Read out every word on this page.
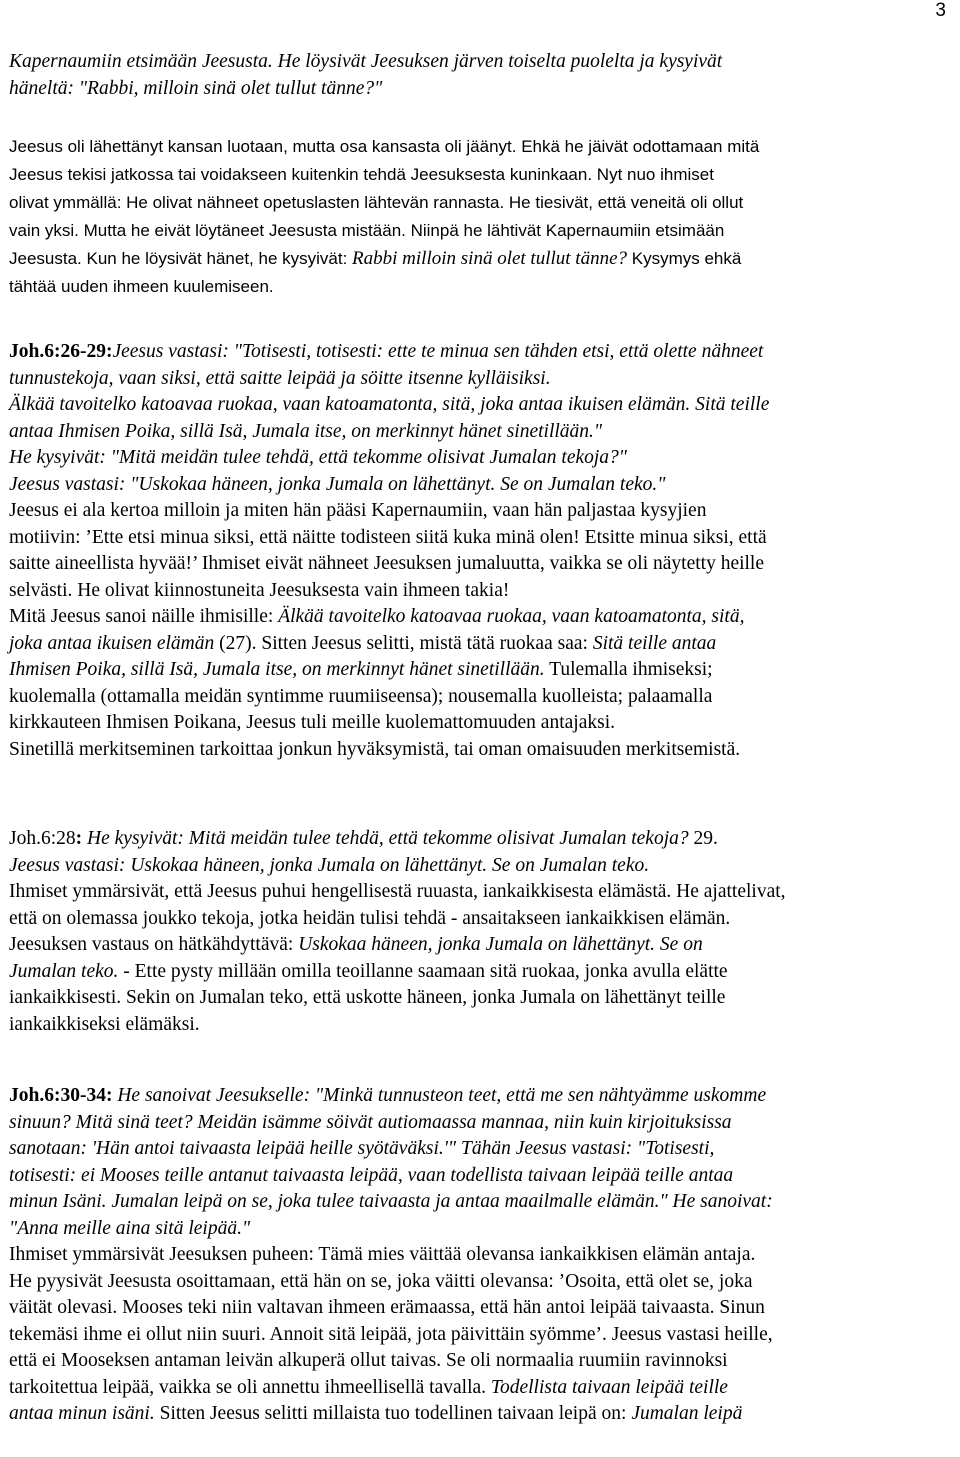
3
Kapernaumiin etsimään Jeesusta. He löysivät Jeesuksen järven toiselta puolelta ja kysyivät
häneltä: "Rabbi, milloin sinä olet tullut tänne?"
Jeesus oli lähettänyt kansan luotaan, mutta osa kansasta oli jäänyt. Ehkä he jäivät odottamaan mitä
Jeesus tekisi jatkossa tai voidakseen kuitenkin tehdä Jeesuksesta kuninkaan. Nyt nuo ihmiset
olivat ymmällä: He olivat nähneet opetuslasten lähtevän rannasta. He tiesivät, että veneitä oli ollut
vain yksi. Mutta he eivät löytäneet Jeesusta mistään. Niinpä he lähtivät Kapernaumiin etsimään
Jeesusta. Kun he löysivät hänet, he kysyivät: Rabbi milloin sinä olet tullut tänne? Kysymys ehkä
tähtää uuden ihmeen kuulemiseen.
Joh.6:26-29:Jeesus vastasi: "Totisesti, totisesti: ette te minua sen tähden etsi, että olette nähneet
tunnustekoja, vaan siksi, että saitte leipää ja söitte itsenne kylläisiksi.
Älkää tavoitelko katoavaa ruokaa, vaan katoamatonta, sitä, joka antaa ikuisen elämän. Sitä teille
antaa Ihmisen Poika, sillä Isä, Jumala itse, on merkinnyt hänet sinetillään."
He kysyivät: "Mitä meidän tulee tehdä, että tekomme olisivat Jumalan tekoja?"
Jeesus vastasi: "Uskokaa häneen, jonka Jumala on lähettänyt. Se on Jumalan teko."
Jeesus ei ala kertoa milloin ja miten hän pääsi Kapernaumiin, vaan hän paljastaa kysyjien
motiivin: ’Ette etsi minua siksi, että näitte todisteen siitä kuka minä olen! Etsitte minua siksi, että
saitte aineellista hyvää!’ Ihmiset eivät nähneet Jeesuksen jumaluutta, vaikka se oli näytetty heille
selvästi. He olivat kiinnostuneita Jeesuksesta vain ihmeen takia!
Mitä Jeesus sanoi näille ihmisille: Älkää tavoitelko katoavaa ruokaa, vaan katoamatonta, sitä,
joka antaa ikuisen elämän (27). Sitten Jeesus selitti, mistä tätä ruokaa saa: Sitä teille antaa
Ihmisen Poika, sillä Isä, Jumala itse, on merkinnyt hänet sinetillään. Tulemalla ihmiseksi;
kuolemalla (ottamalla meidän syntimme ruumiiseensa); nousemalla kuolleista; palaamalla
kirkkauteen Ihmisen Poikana, Jeesus tuli meille kuolemattomuuden antajaksi.
Sinetillä merkitseminen tarkoittaa jonkun hyväksymistä, tai oman omaisuuden merkitsemistä.
Joh.6:28: He kysyivät: Mitä meidän tulee tehdä, että tekomme olisivat Jumalan tekoja? 29.
Jeesus vastasi: Uskokaa häneen, jonka Jumala on lähettänyt. Se on Jumalan teko.
Ihmiset ymmärsivät, että Jeesus puhui hengellisestä ruuasta, iankaikkisesta elämästä. He ajattelivat,
että on olemassa joukko tekoja, jotka heidän tulisi tehdä - ansaitakseen iankaikkisen elämän.
Jeesuksen vastaus on hätkähdyttävä: Uskokaa häneen, jonka Jumala on lähettänyt. Se on
Jumalan teko. - Ette pysty millään omilla teoillanne saamaan sitä ruokaa, jonka avulla elätte
iankaikkisesti. Sekin on Jumalan teko, että uskotte häneen, jonka Jumala on lähettänyt teille
iankaikkiseksi elämäksi.
Joh.6:30-34: He sanoivat Jeesukselle: "Minkä tunnusteon teet, että me sen nähtyämme uskomme
sinuun? Mitä sinä teet? Meidän isämme söivät autiomaassa mannaa, niin kuin kirjoituksissa
sanotaan: 'Hän antoi taivaasta leipää heille syötäväksi.'" Tähän Jeesus vastasi: "Totisesti,
totisesti: ei Mooses teille antanut taivaasta leipää, vaan todellista taivaan leipää teille antaa
minun Isäni. Jumalan leipä on se, joka tulee taivaasta ja antaa maailmalle elämän." He sanoivat:
"Anna meille aina sitä leipää."
Ihmiset ymmärsivät Jeesuksen puheen: Tämä mies väittää olevansa iankaikkisen elämän antaja.
He pyysivät Jeesusta osoittamaan, että hän on se, joka väitti olevansa: ’Osoita, että olet se, joka
väität olevasi. Mooses teki niin valtavan ihmeen erämaassa, että hän antoi leipää taivaasta. Sinun
tekemäsi ihme ei ollut niin suuri. Annoit sitä leipää, jota päivittäin syömme’. Jeesus vastasi heille,
että ei Mooseksen antaman leivän alkuperä ollut taivas. Se oli normaalia ruumiin ravinnoksi
tarkoitettua leipää, vaikka se oli annettu ihmeellisellä tavalla. Todellista taivaan leipää teille
antaa minun isäni. Sitten Jeesus selitti millaista tuo todellinen taivaan leipä on: Jumalan leipä
